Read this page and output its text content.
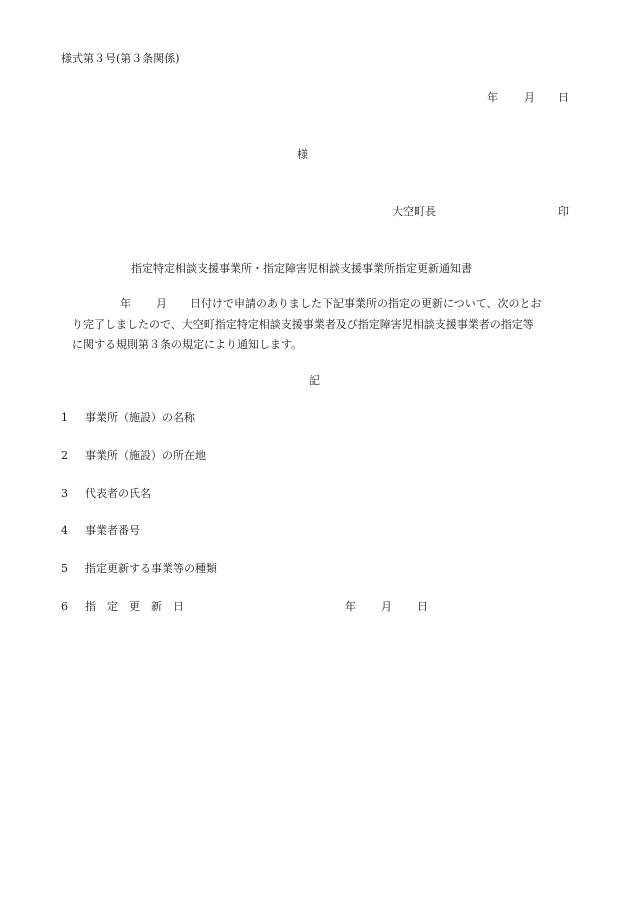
様式第３号(第３条関係)
年 月 日
様
大空町長	印
指定特定相談支援事業所・指定障害児相談支援事業所指定更新通知書
年 月 日付けで申請のありました下記事業所の指定の更新について、次のとお
り完了しましたので、大空町指定特定相談支援事業者及び指定障害児相談支援事業者の指定等
に関する規則第３条の規定により通知します。
記
1 事業所（施設）の名称
2 事業所（施設）の所在地
3 代表者の氏名
4 事業者番号
5 指定更新する事業等の種類
6 指　定　更　新　日	年 月 日
